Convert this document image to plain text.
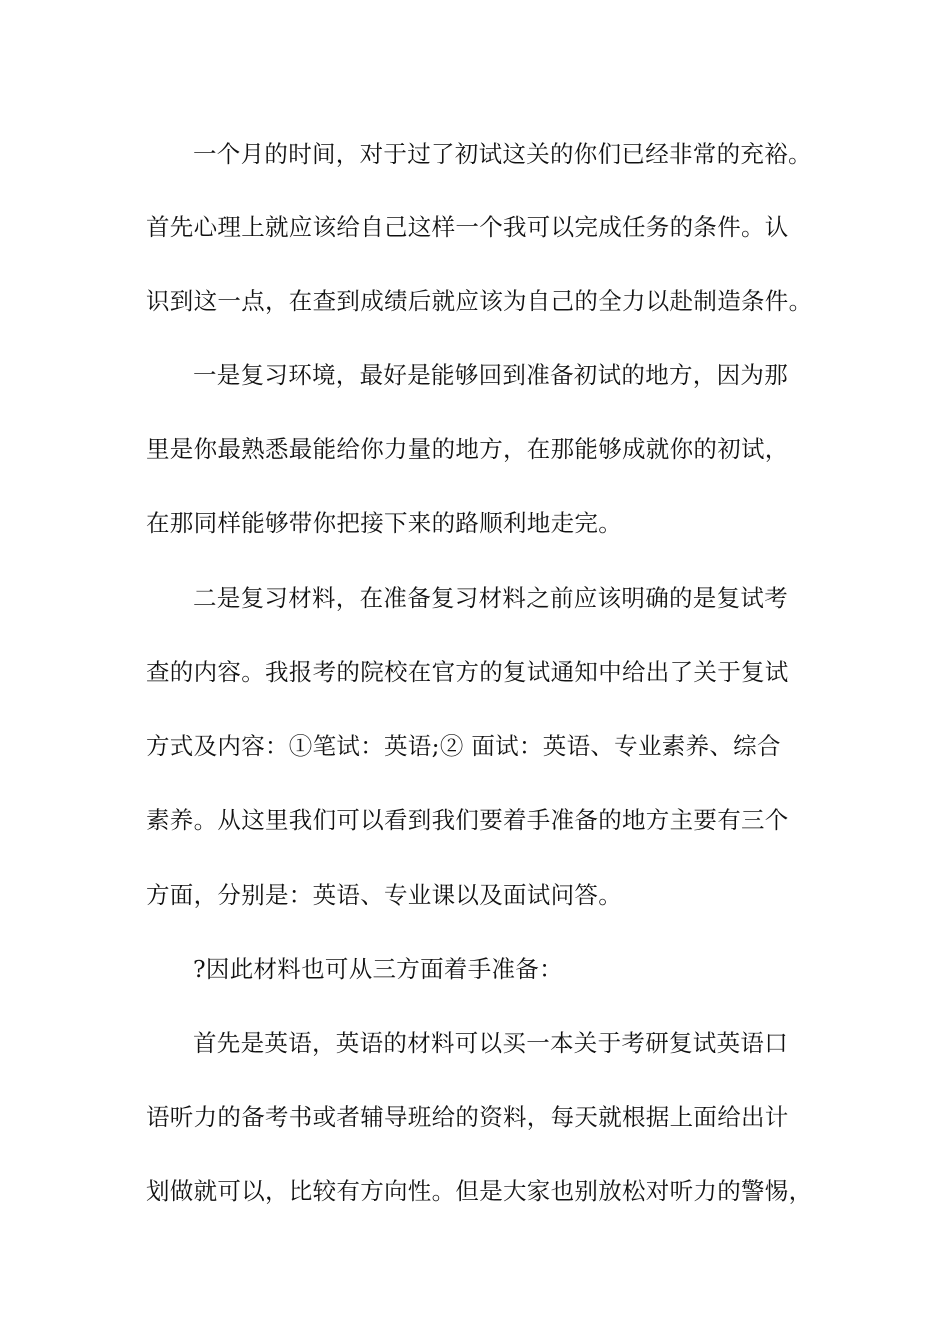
一个月的时间，对于过了初试这关的你们已经非常的充裕。
首先心理上就应该给自己这样一个我可以完成任务的条件。认
识到这一点，在查到成绩后就应该为自己的全力以赴制造条件。
一是复习环境，最好是能够回到准备初试的地方，因为那
里是你最熟悉最能给你力量的地方，在那能够成就你的初试，
在那同样能够带你把接下来的路顺利地走完。
二是复习材料，在准备复习材料之前应该明确的是复试考
查的内容。我报考的院校在官方的复试通知中给出了关于复试
方式及内容：①笔试：英语;② 面试：英语、专业素养、综合
素养。从这里我们可以看到我们要着手准备的地方主要有三个
方面，分别是：英语、专业课以及面试问答。
?因此材料也可从三方面着手准备：
首先是英语，英语的材料可以买一本关于考研复试英语口
语听力的备考书或者辅导班给的资料，每天就根据上面给出计
划做就可以，比较有方向性。但是大家也别放松对听力的警惕，
